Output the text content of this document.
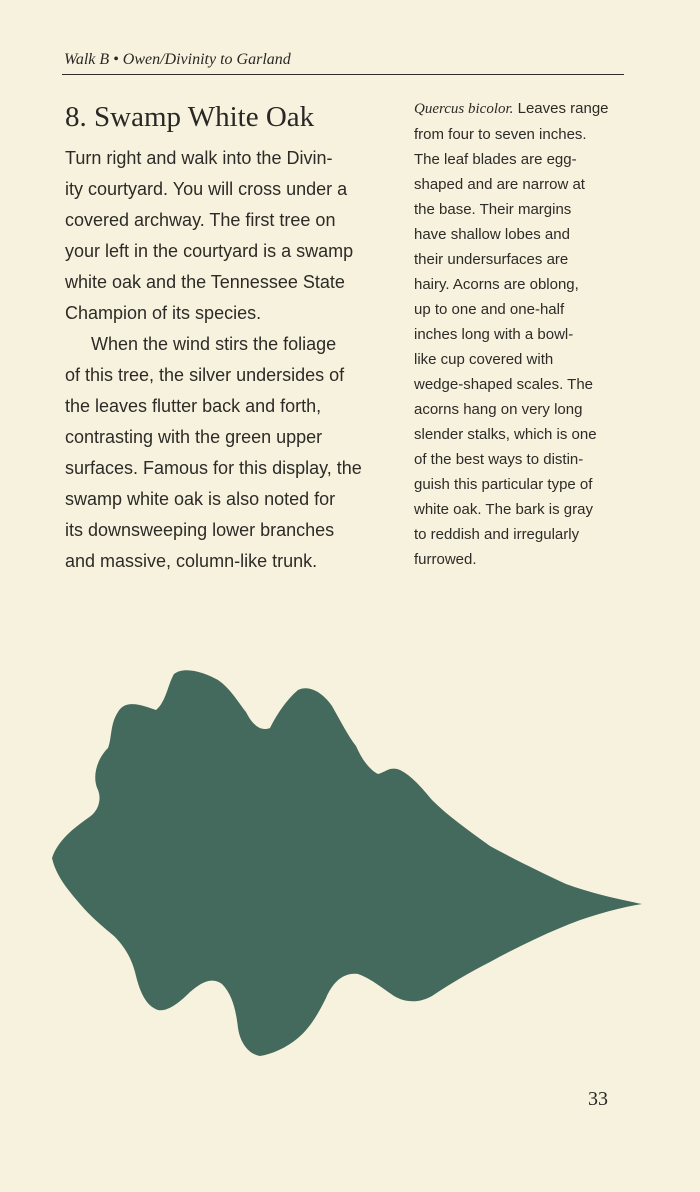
Walk B • Owen/Divinity to Garland
8. Swamp White Oak
Turn right and walk into the Divin-
ity courtyard. You will cross under a
covered archway. The first tree on
your left in the courtyard is a swamp
white oak and the Tennessee State
Champion of its species.
When the wind stirs the foliage
of this tree, the silver undersides of
the leaves flutter back and forth,
contrasting with the green upper
surfaces. Famous for this display, the
swamp white oak is also noted for
its downsweeping lower branches
and massive, column-like trunk.
Quercus bicolor. Leaves range
from four to seven inches.
The leaf blades are egg-
shaped and are narrow at
the base. Their margins
have shallow lobes and
their undersurfaces are
hairy. Acorns are oblong,
up to one and one-half
inches long with a bowl-
like cup covered with
wedge-shaped scales. The
acorns hang on very long
slender stalks, which is one
of the best ways to distin-
guish this particular type of
white oak. The bark is gray
to reddish and irregularly
furrowed.
33
